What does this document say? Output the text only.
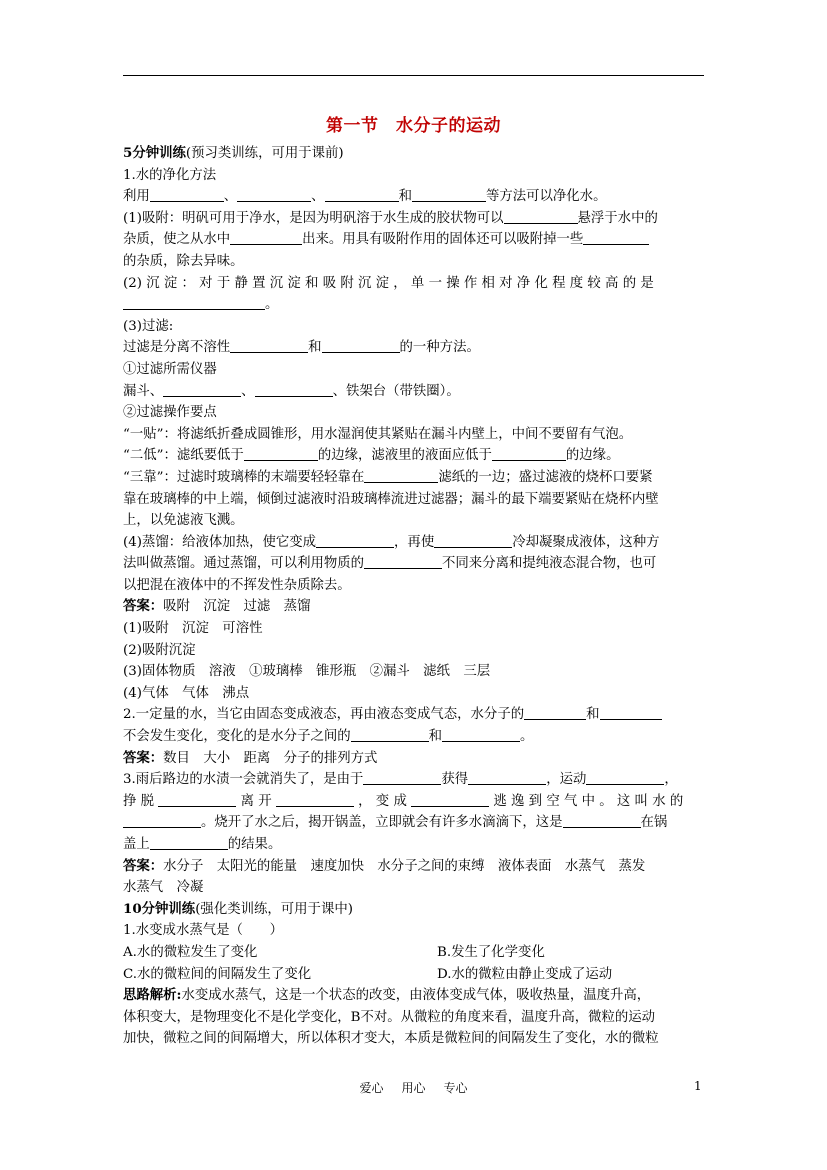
第一节　水分子的运动
5分钟训练(预习类训练，可用于课前)
1.水的净化方法
利用	、	、	和	等方法可以净化水。
(1)吸附：明矾可用于净水，是因为明矾溶于水生成的胶状物可以	悬浮于水中的
杂质，使之从水中	出来。用具有吸附作用的固体还可以吸附掉一些
的杂质，除去异味。
(2) 沉 淀 ： 对 于 静 置 沉 淀 和 吸 附 沉 淀 ， 单 一 操 作 相 对 净 化 程 度 较 高 的 是
。
(3)过滤:
过滤是分离不溶性	和	的一种方法。
①过滤所需仪器
漏斗、	、	、铁架台（带铁圈）。
②过滤操作要点
“一贴”：将滤纸折叠成圆锥形，用水湿润使其紧贴在漏斗内壁上，中间不要留有气泡。
“二低”：滤纸要低于	的边缘，滤液里的液面应低于	的边缘。
“三靠”：过滤时玻璃棒的末端要轻轻靠在	滤纸的一边；盛过滤液的烧杯口要紧
靠在玻璃棒的中上端，倾倒过滤液时沿玻璃棒流进过滤器；漏斗的最下端要紧贴在烧杯内壁
上，以免滤液飞溅。
(4)蒸馏：给液体加热，使它变成	，再使	冷却凝聚成液体，这种方
法叫做蒸馏。通过蒸馏，可以利用物质的	不同来分离和提纯液态混合物，也可
以把混在液体中的不挥发性杂质除去。
答案：吸附　沉淀　过滤　蒸馏
(1)吸附　沉淀　可溶性
(2)吸附沉淀
(3)固体物质　溶液　①玻璃棒　锥形瓶　②漏斗　滤纸　三层
(4)气体　气体　沸点
2.一定量的水，当它由固态变成液态，再由液态变成气态，水分子的	和
不会发生变化，变化的是水分子之间的	和	。
答案：数目　大小　距离　分子的排列方式
3.雨后路边的水渍一会就消失了，是由于	获得	，运动	，
挣 脱	离 开	， 变 成	逃 逸 到 空 气 中 。 这 叫 水 的
。烧开了水之后，揭开锅盖，立即就会有许多水滴滴下，这是	在锅
盖上	的结果。
答案：水分子　太阳光的能量　速度加快　水分子之间的束缚　液体表面　水蒸气　蒸发
水蒸气　冷凝
10分钟训练(强化类训练，可用于课中)
1.水变成水蒸气是（　　）
A.水的微粒发生了变化	B.发生了化学变化
C.水的微粒间的间隔发生了变化	D.水的微粒由静止变成了运动
思路解析:水变成水蒸气，这是一个状态的改变，由液体变成气体，吸收热量，温度升高，
体积变大，是物理变化不是化学变化，B不对。从微粒的角度来看，温度升高，微粒的运动
加快，微粒之间的间隔增大，所以体积才变大，本质是微粒间的间隔发生了变化，水的微粒
爱心 用心 专心	1
